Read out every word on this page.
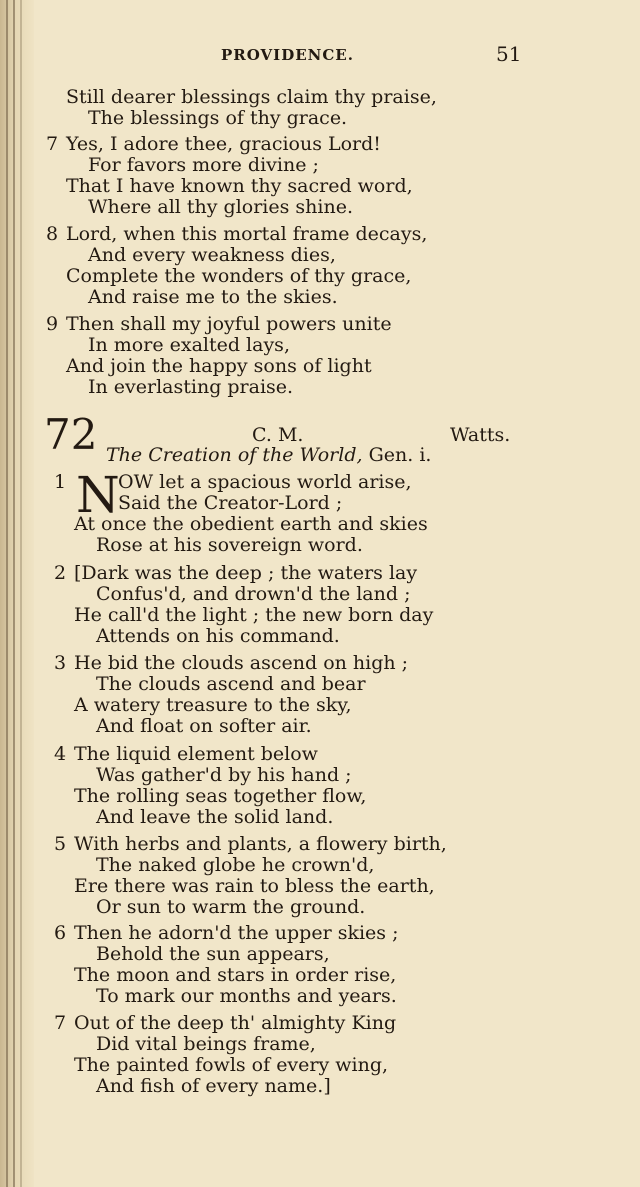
PROVIDENCE.	51
Still dearer blessings claim thy praise,
The blessings of thy grace.
7 Yes, I adore thee, gracious Lord!
For favors more divine ;
That I have known thy sacred word,
Where all thy glories shine.
8 Lord, when this mortal frame decays,
And every weakness dies,
Complete the wonders of thy grace,
And raise me to the skies.
9 Then shall my joyful powers unite
In more exalted lays,
And join the happy sons of light
In everlasting praise.
72	C. M.	Watts.
The Creation of the World, Gen. i.
1 N
OW let a spacious world arise,
Said the Creator-Lord ;
At once the obedient earth and skies
Rose at his sovereign word.
2 [Dark was the deep ; the waters lay
Confus'd, and drown'd the land ;
He call'd the light ; the new born day
Attends on his command.
3 He bid the clouds ascend on high ;
The clouds ascend and bear
A watery treasure to the sky,
And float on softer air.
4 The liquid element below
Was gather'd by his hand ;
The rolling seas together flow,
And leave the solid land.
5 With herbs and plants, a flowery birth,
The naked globe he crown'd,
Ere there was rain to bless the earth,
Or sun to warm the ground.
6 Then he adorn'd the upper skies ;
Behold the sun appears,
The moon and stars in order rise,
To mark our months and years.
7 Out of the deep th' almighty King
Did vital beings frame,
The painted fowls of every wing,
And fish of every name.]
